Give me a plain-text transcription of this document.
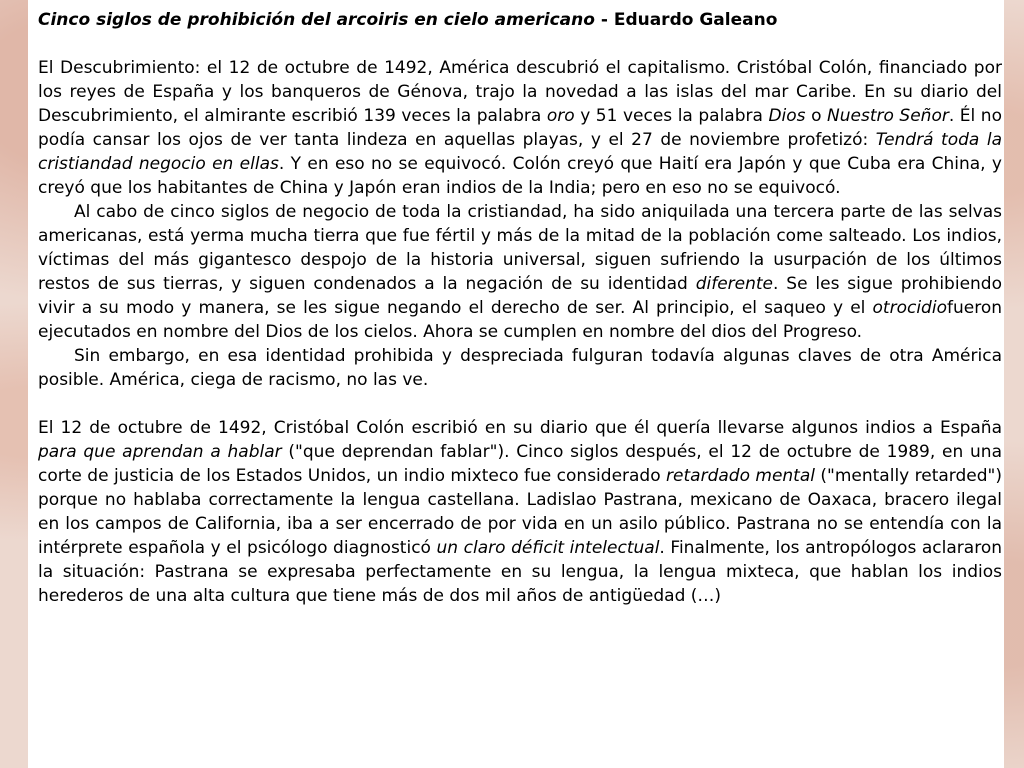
Cinco siglos de prohibición del arcoiris en cielo americano - Eduardo Galeano

El Descubrimiento: el 12 de octubre de 1492, América descubrió el capitalismo. Cristóbal Colón, financiado por los reyes de España y los banqueros de Génova, trajo la novedad a las islas del mar Caribe. En su diario del Descubrimiento, el almirante escribió 139 veces la palabra oro y 51 veces la palabra Dios o Nuestro Señor. Él no podía cansar los ojos de ver tanta lindeza en aquellas playas, y el 27 de noviembre profetizó: Tendrá toda la cristiandad negocio en ellas. Y en eso no se equivocó. Colón creyó que Haití era Japón y que Cuba era China, y creyó que los habitantes de China y Japón eran indios de la India; pero en eso no se equivocó.

Al cabo de cinco siglos de negocio de toda la cristiandad, ha sido aniquilada una tercera parte de las selvas americanas, está yerma mucha tierra que fue fértil y más de la mitad de la población come salteado. Los indios, víctimas del más gigantesco despojo de la historia universal, siguen sufriendo la usurpación de los últimos restos de sus tierras, y siguen condenados a la negación de su identidad diferente. Se les sigue prohibiendo vivir a su modo y manera, se les sigue negando el derecho de ser. Al principio, el saqueo y el otrocidiofueron ejecutados en nombre del Dios de los cielos. Ahora se cumplen en nombre del dios del Progreso.

Sin embargo, en esa identidad prohibida y despreciada fulguran todavía algunas claves de otra América posible. América, ciega de racismo, no las ve.

El 12 de octubre de 1492, Cristóbal Colón escribió en su diario que él quería llevarse algunos indios a España para que aprendan a hablar ("que deprendan fablar"). Cinco siglos después, el 12 de octubre de 1989, en una corte de justicia de los Estados Unidos, un indio mixteco fue considerado retardado mental ("mentally retarded") porque no hablaba correctamente la lengua castellana. Ladislao Pastrana, mexicano de Oaxaca, bracero ilegal en los campos de California, iba a ser encerrado de por vida en un asilo público. Pastrana no se entendía con la intérprete española y el psicólogo diagnosticó un claro déficit intelectual. Finalmente, los antropólogos aclararon la situación: Pastrana se expresaba perfectamente en su lengua, la lengua mixteca, que hablan los indios herederos de una alta cultura que tiene más de dos mil años de antigüedad (…)
